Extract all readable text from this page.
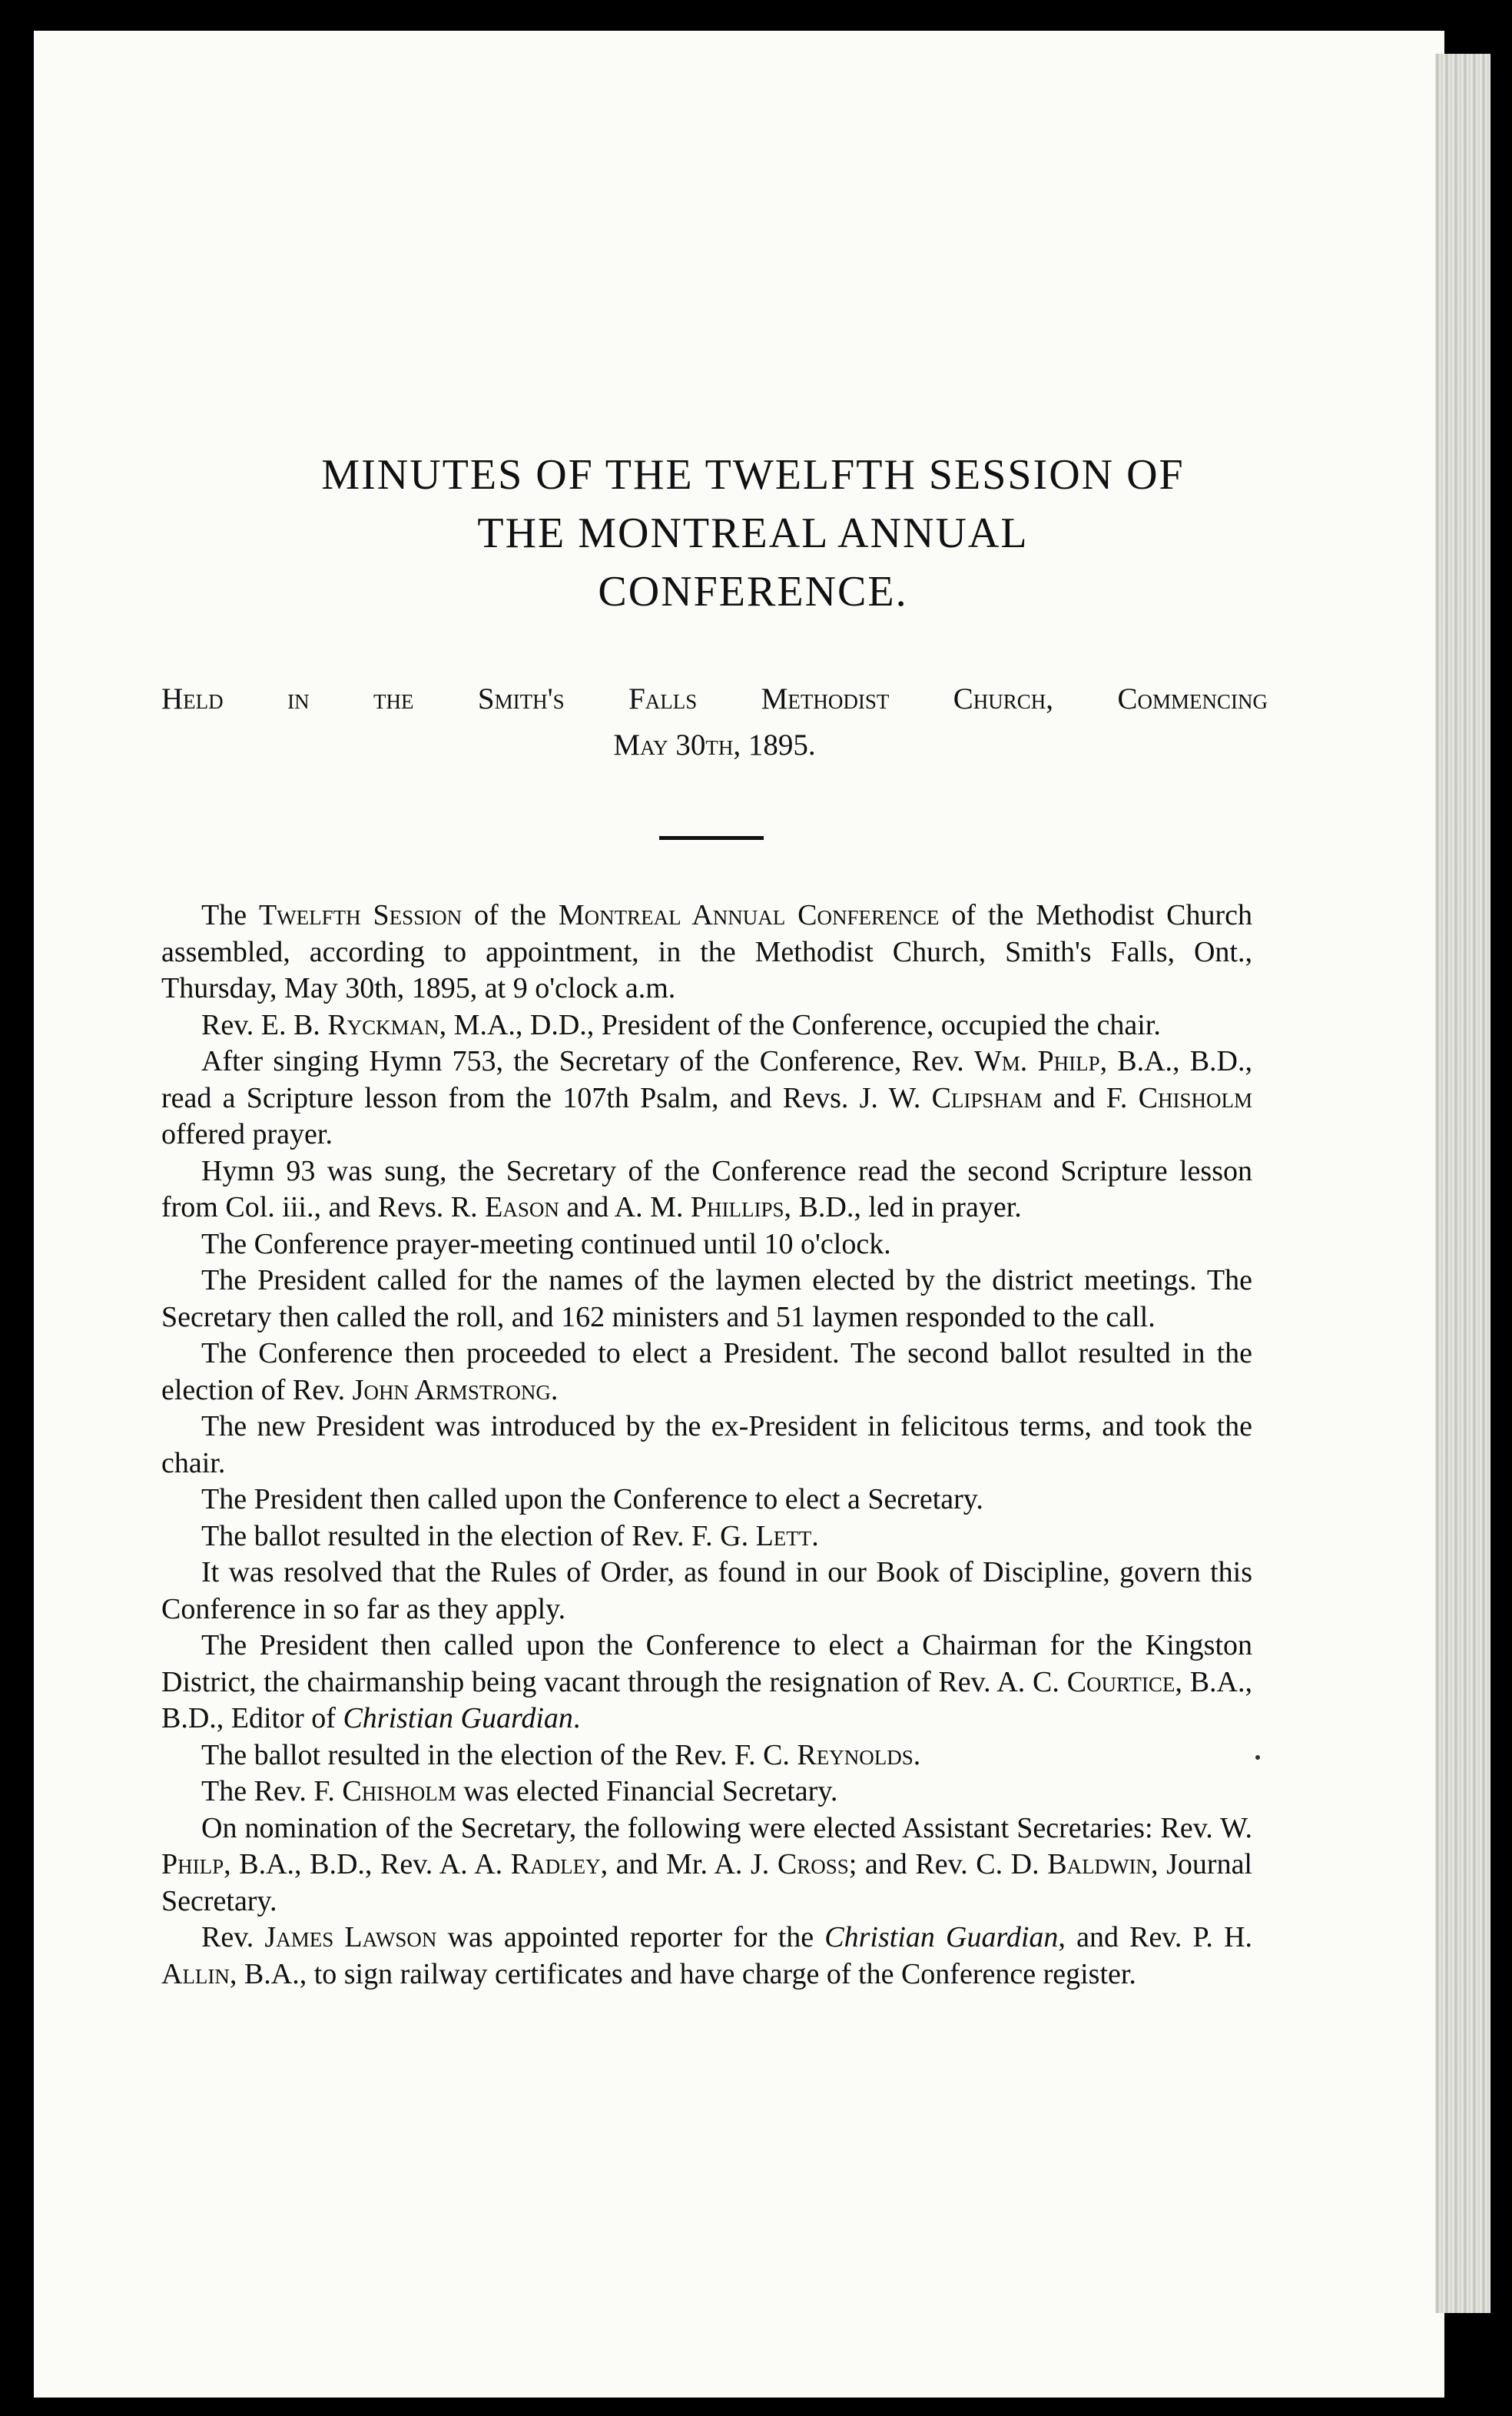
MINUTES OF THE TWELFTH SESSION OF
THE MONTREAL ANNUAL
CONFERENCE.
Held in the Smith's Falls Methodist Church, Commencing
May 30th, 1895.

The Twelfth Session of the Montreal Annual Conference of the Methodist Church assembled, according to appointment, in the Methodist Church, Smith's Falls, Ont., Thursday, May 30th, 1895, at 9 o'clock a.m.

Rev. E. B. Ryckman, M.A., D.D., President of the Conference, occupied the chair.

After singing Hymn 753, the Secretary of the Conference, Rev. Wm. Philp, B.A., B.D., read a Scripture lesson from the 107th Psalm, and Revs. J. W. Clipsham and F. Chisholm offered prayer.

Hymn 93 was sung, the Secretary of the Conference read the second Scripture lesson from Col. iii., and Revs. R. Eason and A. M. Phillips, B.D., led in prayer.

The Conference prayer-meeting continued until 10 o'clock.

The President called for the names of the laymen elected by the district meetings. The Secretary then called the roll, and 162 ministers and 51 laymen responded to the call.

The Conference then proceeded to elect a President. The second ballot resulted in the election of Rev. John Armstrong.

The new President was introduced by the ex-President in felicitous terms, and took the chair.

The President then called upon the Conference to elect a Secretary.

The ballot resulted in the election of Rev. F. G. Lett.

It was resolved that the Rules of Order, as found in our Book of Discipline, govern this Conference in so far as they apply.

The President then called upon the Conference to elect a Chairman for the Kingston District, the chairmanship being vacant through the resignation of Rev. A. C. Courtice, B.A., B.D., Editor of Christian Guardian.

The ballot resulted in the election of the Rev. F. C. Reynolds.

The Rev. F. Chisholm was elected Financial Secretary.

On nomination of the Secretary, the following were elected Assistant Secretaries: Rev. W. Philp, B.A., B.D., Rev. A. A. Radley, and Mr. A. J. Cross; and Rev. C. D. Baldwin, Journal Secretary.

Rev. James Lawson was appointed reporter for the Christian Guardian, and Rev. P. H. Allin, B.A., to sign railway certificates and have charge of the Conference register.
